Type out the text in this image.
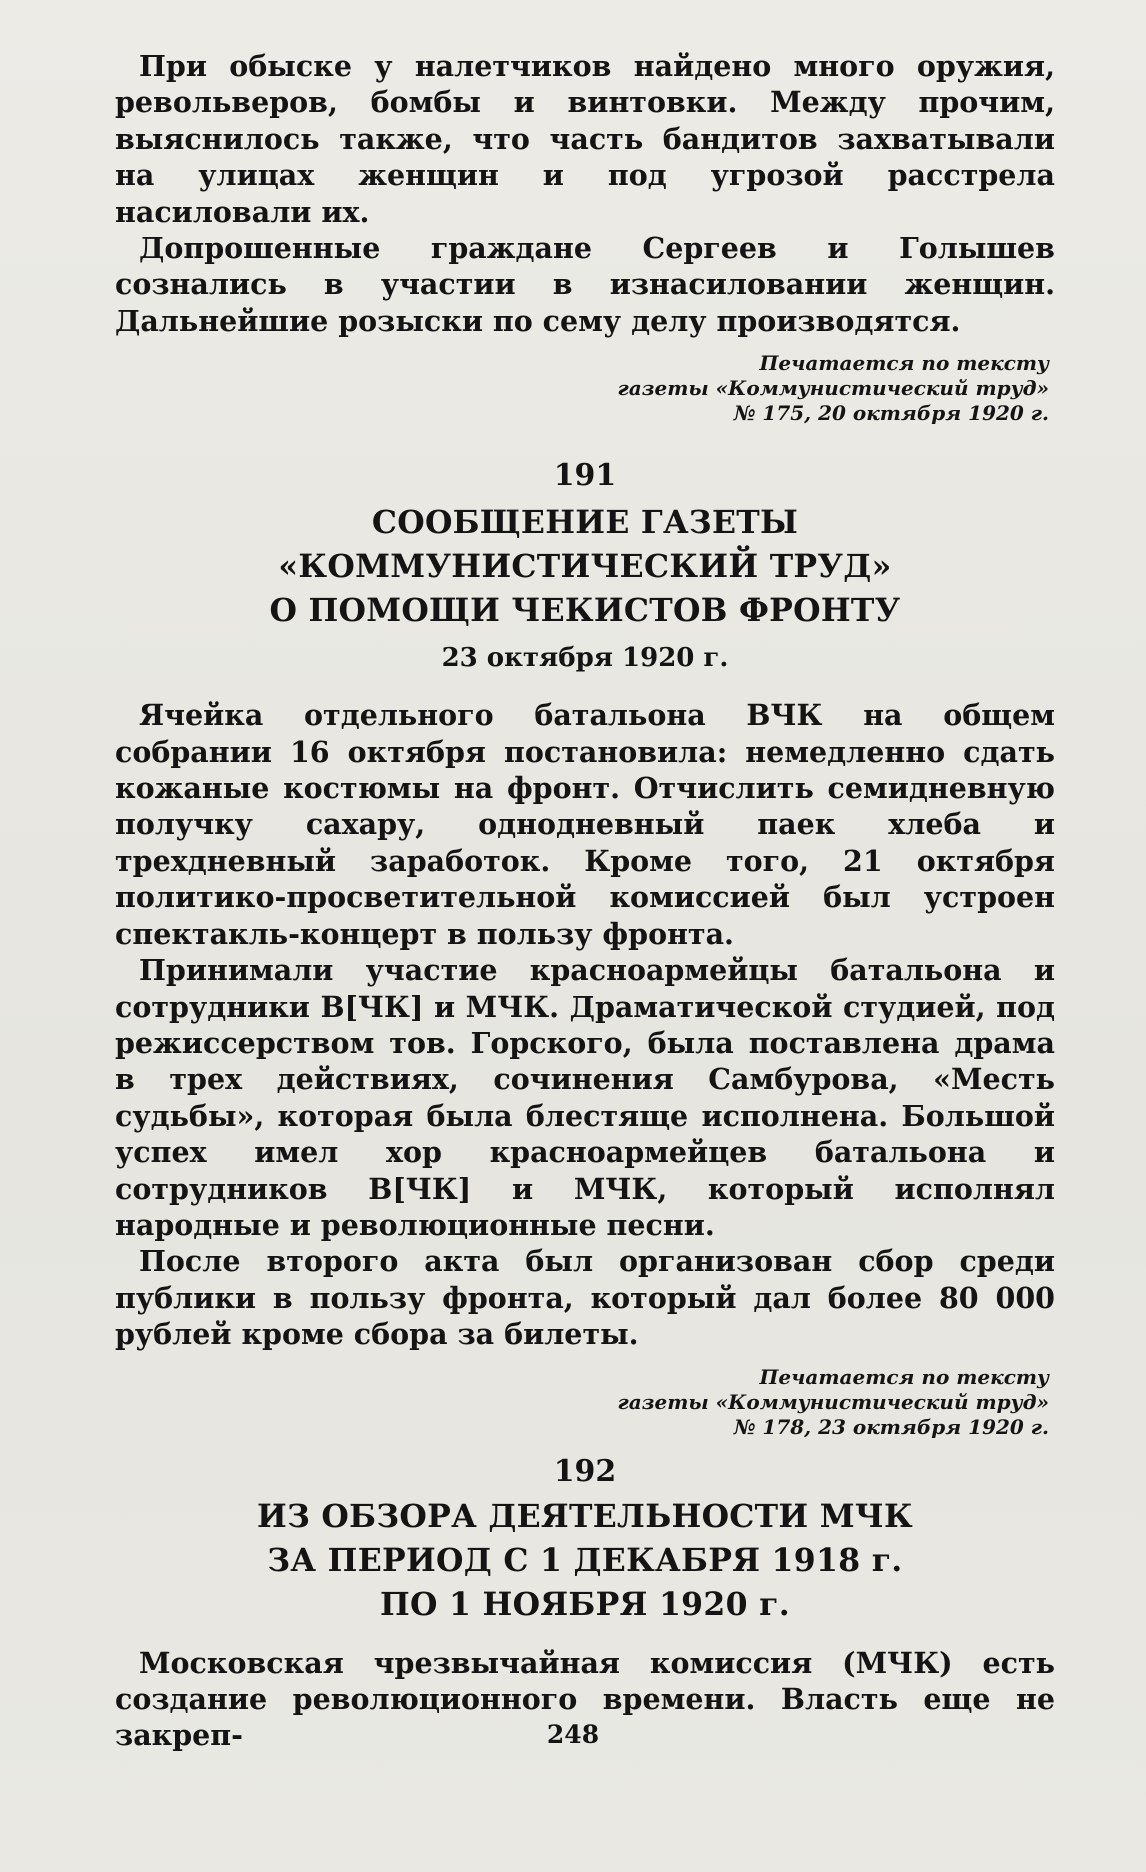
При обыске у налетчиков найдено много оружия, револьверов, бомбы и винтовки. Между прочим, выяснилось также, что часть бандитов захватывали на улицах женщин и под угрозой расстрела насиловали их.

Допрошенные граждане Сергеев и Голышев сознались в участии в изнасиловании женщин. Дальнейшие розыски по сему делу производятся.

Печатается по тексту
газеты «Коммунистический труд»
№ 175, 20 октября 1920 г.
191
СООБЩЕНИЕ ГАЗЕТЫ
«КОММУНИСТИЧЕСКИЙ ТРУД»
О ПОМОЩИ ЧЕКИСТОВ ФРОНТУ
23 октября 1920 г.

Ячейка отдельного батальона ВЧК на общем собрании 16 октября постановила: немедленно сдать кожаные костюмы на фронт. Отчислить семидневную получку сахару, однодневный паек хлеба и трехдневный заработок. Кроме того, 21 октября политико-просветительной комиссией был устроен спектакль-концерт в пользу фронта.

Принимали участие красноармейцы батальона и сотрудники В[ЧК] и МЧК. Драматической студией, под режиссерством тов. Горского, была поставлена драма в трех действиях, сочинения Самбурова, «Месть судьбы», которая была блестяще исполнена. Большой успех имел хор красноармейцев батальона и сотрудников В[ЧК] и МЧК, который исполнял народные и революционные песни.

После второго акта был организован сбор среди публики в пользу фронта, который дал более 80 000 рублей кроме сбора за билеты.

Печатается по тексту
газеты «Коммунистический труд»
№ 178, 23 октября 1920 г.
192
ИЗ ОБЗОРА ДЕЯТЕЛЬНОСТИ МЧК
ЗА ПЕРИОД С 1 ДЕКАБРЯ 1918 г.
ПО 1 НОЯБРЯ 1920 г.

Московская чрезвычайная комиссия (МЧК) есть создание революционного времени. Власть еще не закреп-	248
